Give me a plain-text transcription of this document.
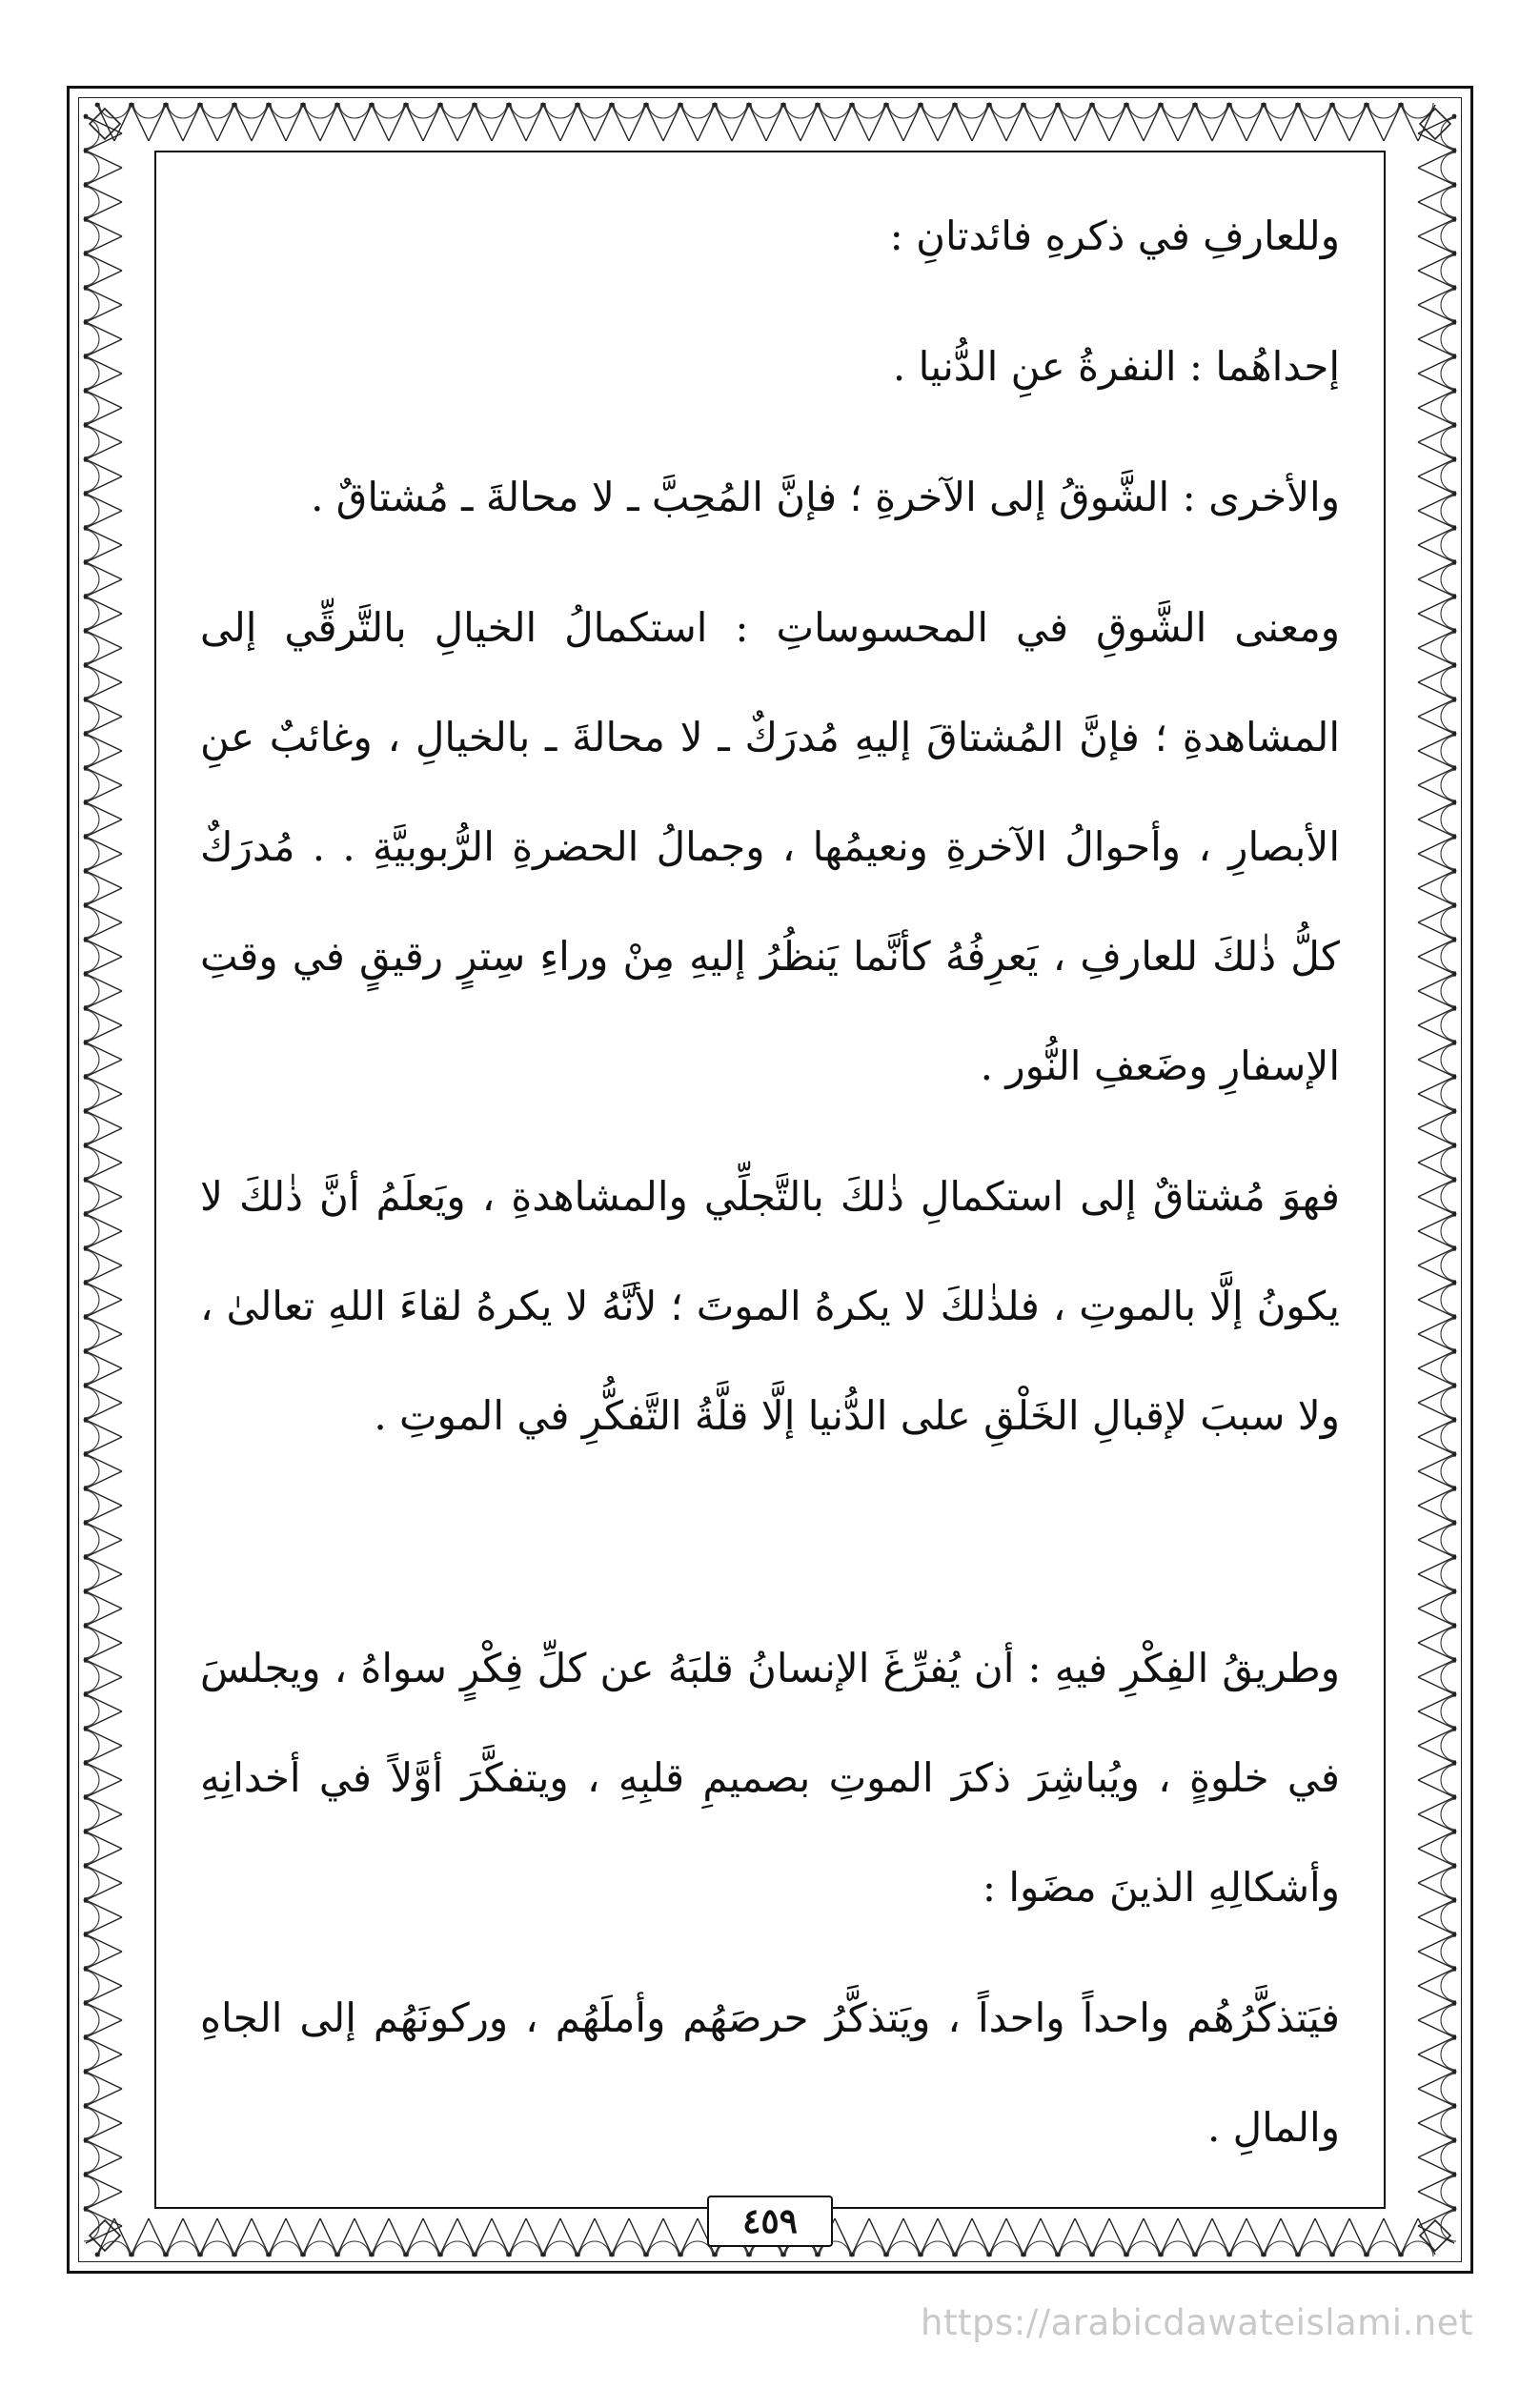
وللعارفِ في ذكرهِ فائدتانِ :

إحداهُما : النفرةُ عنِ الدُّنيا .

والأخرى : الشَّوقُ إلى الآخرةِ ؛ فإنَّ المُحِبَّ ـ لا محالةَ ـ مُشتاقٌ .

ومعنى الشَّوقِ في المحسوساتِ : استكمالُ الخيالِ بالتَّرقِّي إلى المشاهدةِ ؛ فإنَّ المُشتاقَ إليهِ مُدرَكٌ ـ لا محالةَ ـ بالخيالِ ، وغائبٌ عنِ الأبصارِ ، وأحوالُ الآخرةِ ونعيمُها ، وجمالُ الحضرةِ الرُّبوبيَّةِ . . مُدرَكٌ كلُّ ذٰلكَ للعارفِ ، يَعرِفُهُ كأنَّما يَنظُرُ إليهِ مِنْ وراءِ سِترٍ رقيقٍ في وقتِ الإسفارِ وضَعفِ النُّور .

فهوَ مُشتاقٌ إلى استكمالِ ذٰلكَ بالتَّجلِّي والمشاهدةِ ، ويَعلَمُ أنَّ ذٰلكَ لا يكونُ إلَّا بالموتِ ، فلذٰلكَ لا يكرهُ الموتَ ؛ لأنَّهُ لا يكرهُ لقاءَ اللهِ تعالىٰ ، ولا سببَ لإقبالِ الخَلْقِ على الدُّنيا إلَّا قلَّةُ التَّفكُّرِ في الموتِ .

وطريقُ الفِكْرِ فيهِ : أن يُفرِّغَ الإنسانُ قلبَهُ عن كلِّ فِكْرٍ سواهُ ، ويجلسَ في خلوةٍ ، ويُباشِرَ ذكرَ الموتِ بصميمِ قلبِهِ ، ويتفكَّرَ أوَّلاً في أخدانِهِ وأشكالِهِ الذينَ مضَوا :

فيَتذكَّرُهُم واحداً واحداً ، ويَتذكَّرُ حرصَهُم وأملَهُم ، وركونَهُم إلى الجاهِ والمالِ .

٤٥٩
https://arabicdawateislami.net
